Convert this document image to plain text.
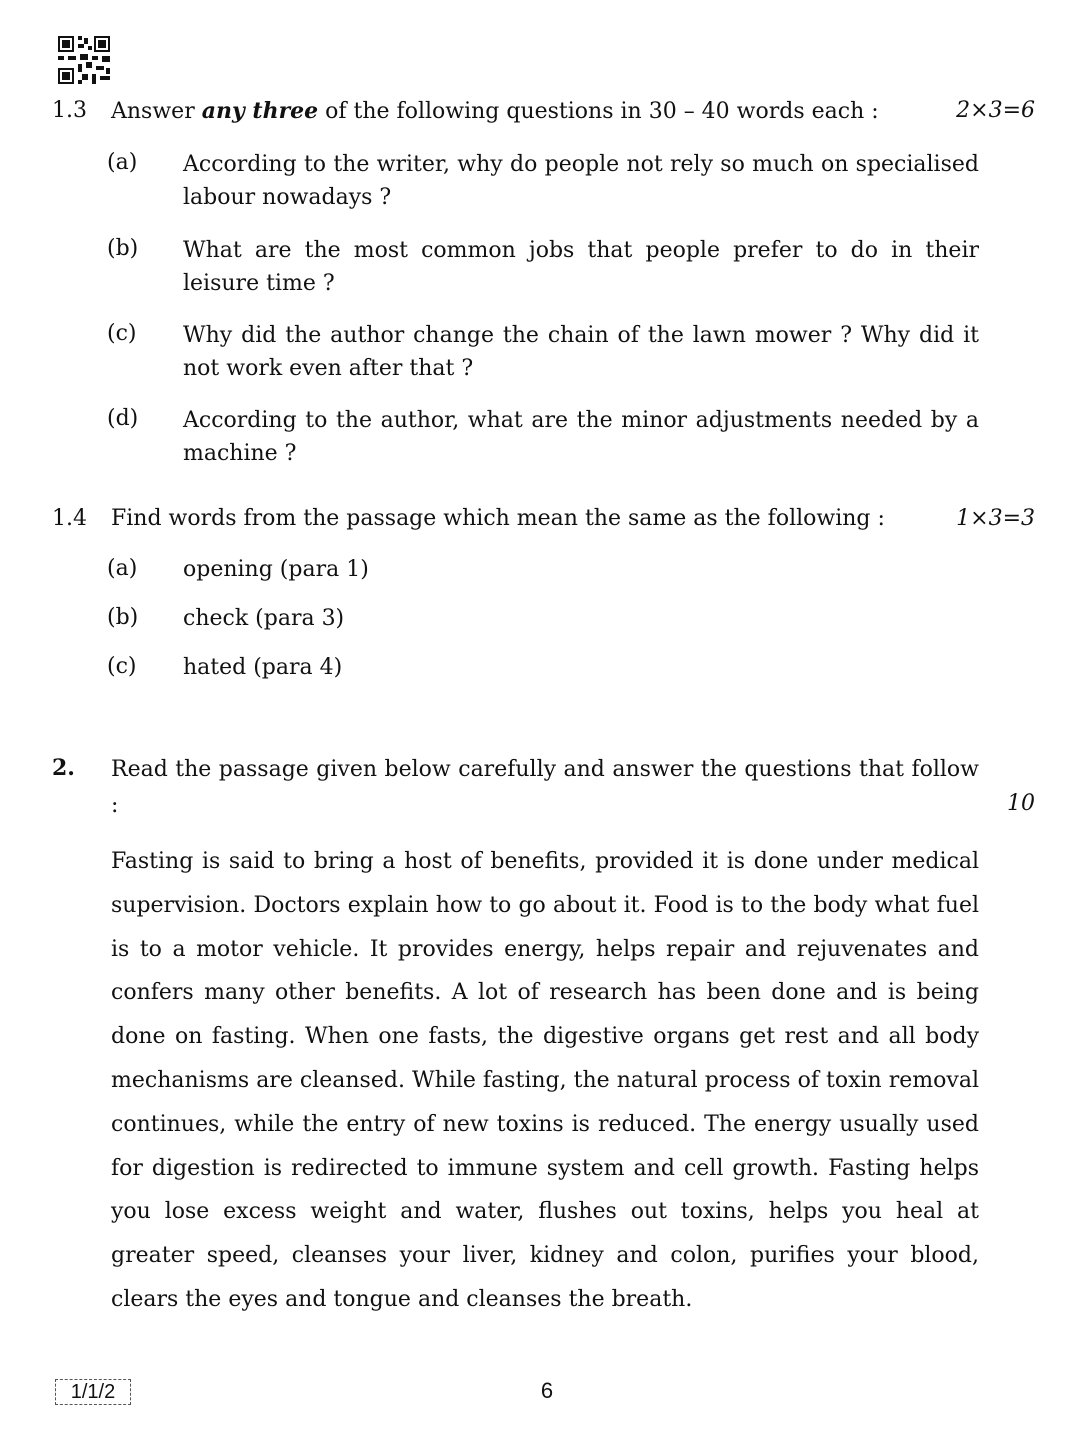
1.3 Answer any three of the following questions in 30 – 40 words each :	2×3=6
(a) According to the writer, why do people not rely so much on specialised labour nowadays ?
(b) What are the most common jobs that people prefer to do in their leisure time ?
(c) Why did the author change the chain of the lawn mower ? Why did it not work even after that ?
(d) According to the author, what are the minor adjustments needed by a machine ?
1.4 Find words from the passage which mean the same as the following :	1×3=3
(a) opening (para 1)
(b) check (para 3)
(c) hated (para 4)
2. Read the passage given below carefully and answer the questions that follow :	10
Fasting is said to bring a host of benefits, provided it is done under medical supervision. Doctors explain how to go about it. Food is to the body what fuel is to a motor vehicle. It provides energy, helps repair and rejuvenates and confers many other benefits. A lot of research has been done and is being done on fasting. When one fasts, the digestive organs get rest and all body mechanisms are cleansed. While fasting, the natural process of toxin removal continues, while the entry of new toxins is reduced. The energy usually used for digestion is redirected to immune system and cell growth. Fasting helps you lose excess weight and water, flushes out toxins, helps you heal at greater speed, cleanses your liver, kidney and colon, purifies your blood, clears the eyes and tongue and cleanses the breath.
1/1/2	6
